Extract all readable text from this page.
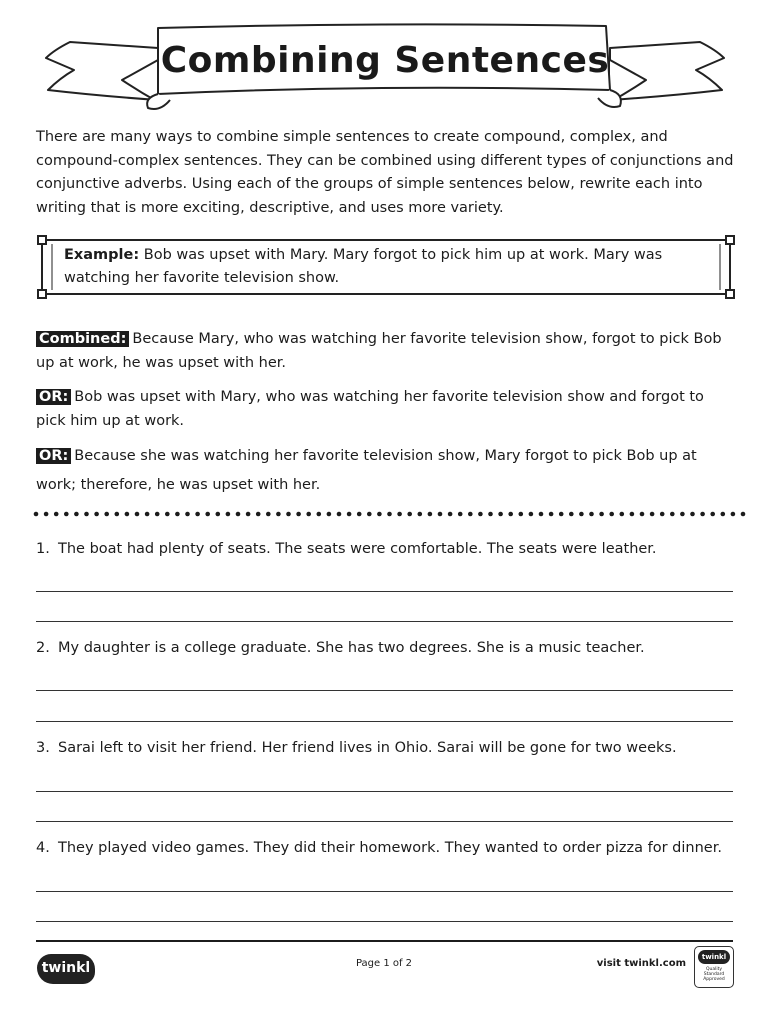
Combining Sentences
There are many ways to combine simple sentences to create compound, complex, and compound-complex sentences. They can be combined using different types of conjunctions and conjunctive adverbs. Using each of the groups of simple sentences below, rewrite each into writing that is more exciting, descriptive, and uses more variety.
Example: Bob was upset with Mary. Mary forgot to pick him up at work. Mary was watching her favorite television show.
Combined: Because Mary, who was watching her favorite television show, forgot to pick Bob up at work, he was upset with her.
OR: Bob was upset with Mary, who was watching her favorite television show and forgot to pick him up at work.
OR: Because she was watching her favorite television show, Mary forgot to pick Bob up at work; therefore, he was upset with her.
1. The boat had plenty of seats. The seats were comfortable. The seats were leather.
2. My daughter is a college graduate. She has two degrees. She is a music teacher.
3. Sarai left to visit her friend. Her friend lives in Ohio. Sarai will be gone for two weeks.
4. They played video games. They did their homework. They wanted to order pizza for dinner.
twinkl	Page 1 of 2	visit twinkl.com
twinkl
Quality Standard Approved
